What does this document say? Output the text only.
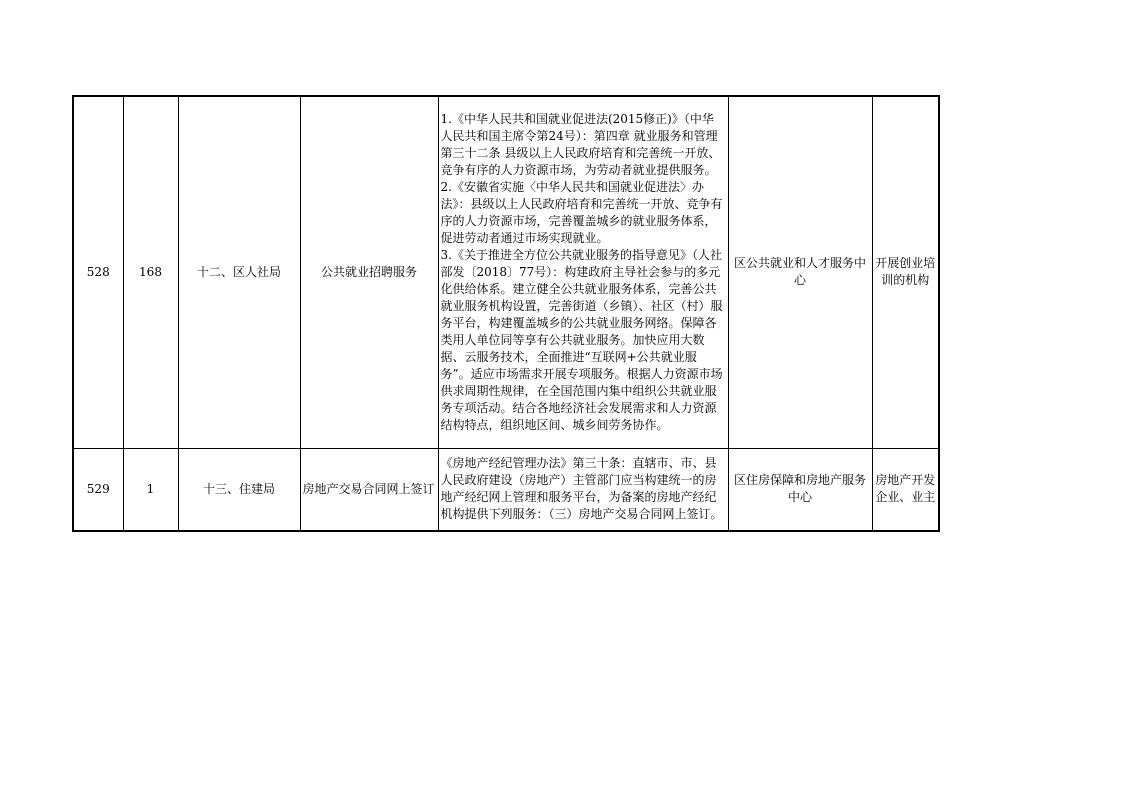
528	168	十二、区人社局	公共就业招聘服务	1.《中华人民共和国就业促进法(2015修正)》（中华人民共和国主席令第24号）：第四章 就业服务和管理　第三十二条 县级以上人民政府培育和完善统一开放、竞争有序的人力资源市场，为劳动者就业提供服务。

2.《安徽省实施〈中华人民共和国就业促进法〉办法》：县级以上人民政府培育和完善统一开放、竞争有序的人力资源市场，完善覆盖城乡的就业服务体系，促进劳动者通过市场实现就业。

3.《关于推进全方位公共就业服务的指导意见》（人社部发〔2018〕77号）：构建政府主导社会参与的多元化供给体系。建立健全公共就业服务体系，完善公共就业服务机构设置，完善街道（乡镇）、社区（村）服务平台，构建覆盖城乡的公共就业服务网络。保障各类用人单位同等享有公共就业服务。加快应用大数据、云服务技术，全面推进“互联网+公共就业服务”。适应市场需求开展专项服务。根据人力资源市场供求周期性规律，在全国范围内集中组织公共就业服务专项活动。结合各地经济社会发展需求和人力资源结构特点，组织地区间、城乡间劳务协作。	区公共就业和人才服务中心	开展创业培训的机构
529	1	十三、住建局	房地产交易合同网上签订	《房地产经纪管理办法》第三十条：直辖市、市、县人民政府建设（房地产）主管部门应当构建统一的房地产经纪网上管理和服务平台，为备案的房地产经纪机构提供下列服务：（三）房地产交易合同网上签订。	区住房保障和房地产服务中心	房地产开发企业、业主
